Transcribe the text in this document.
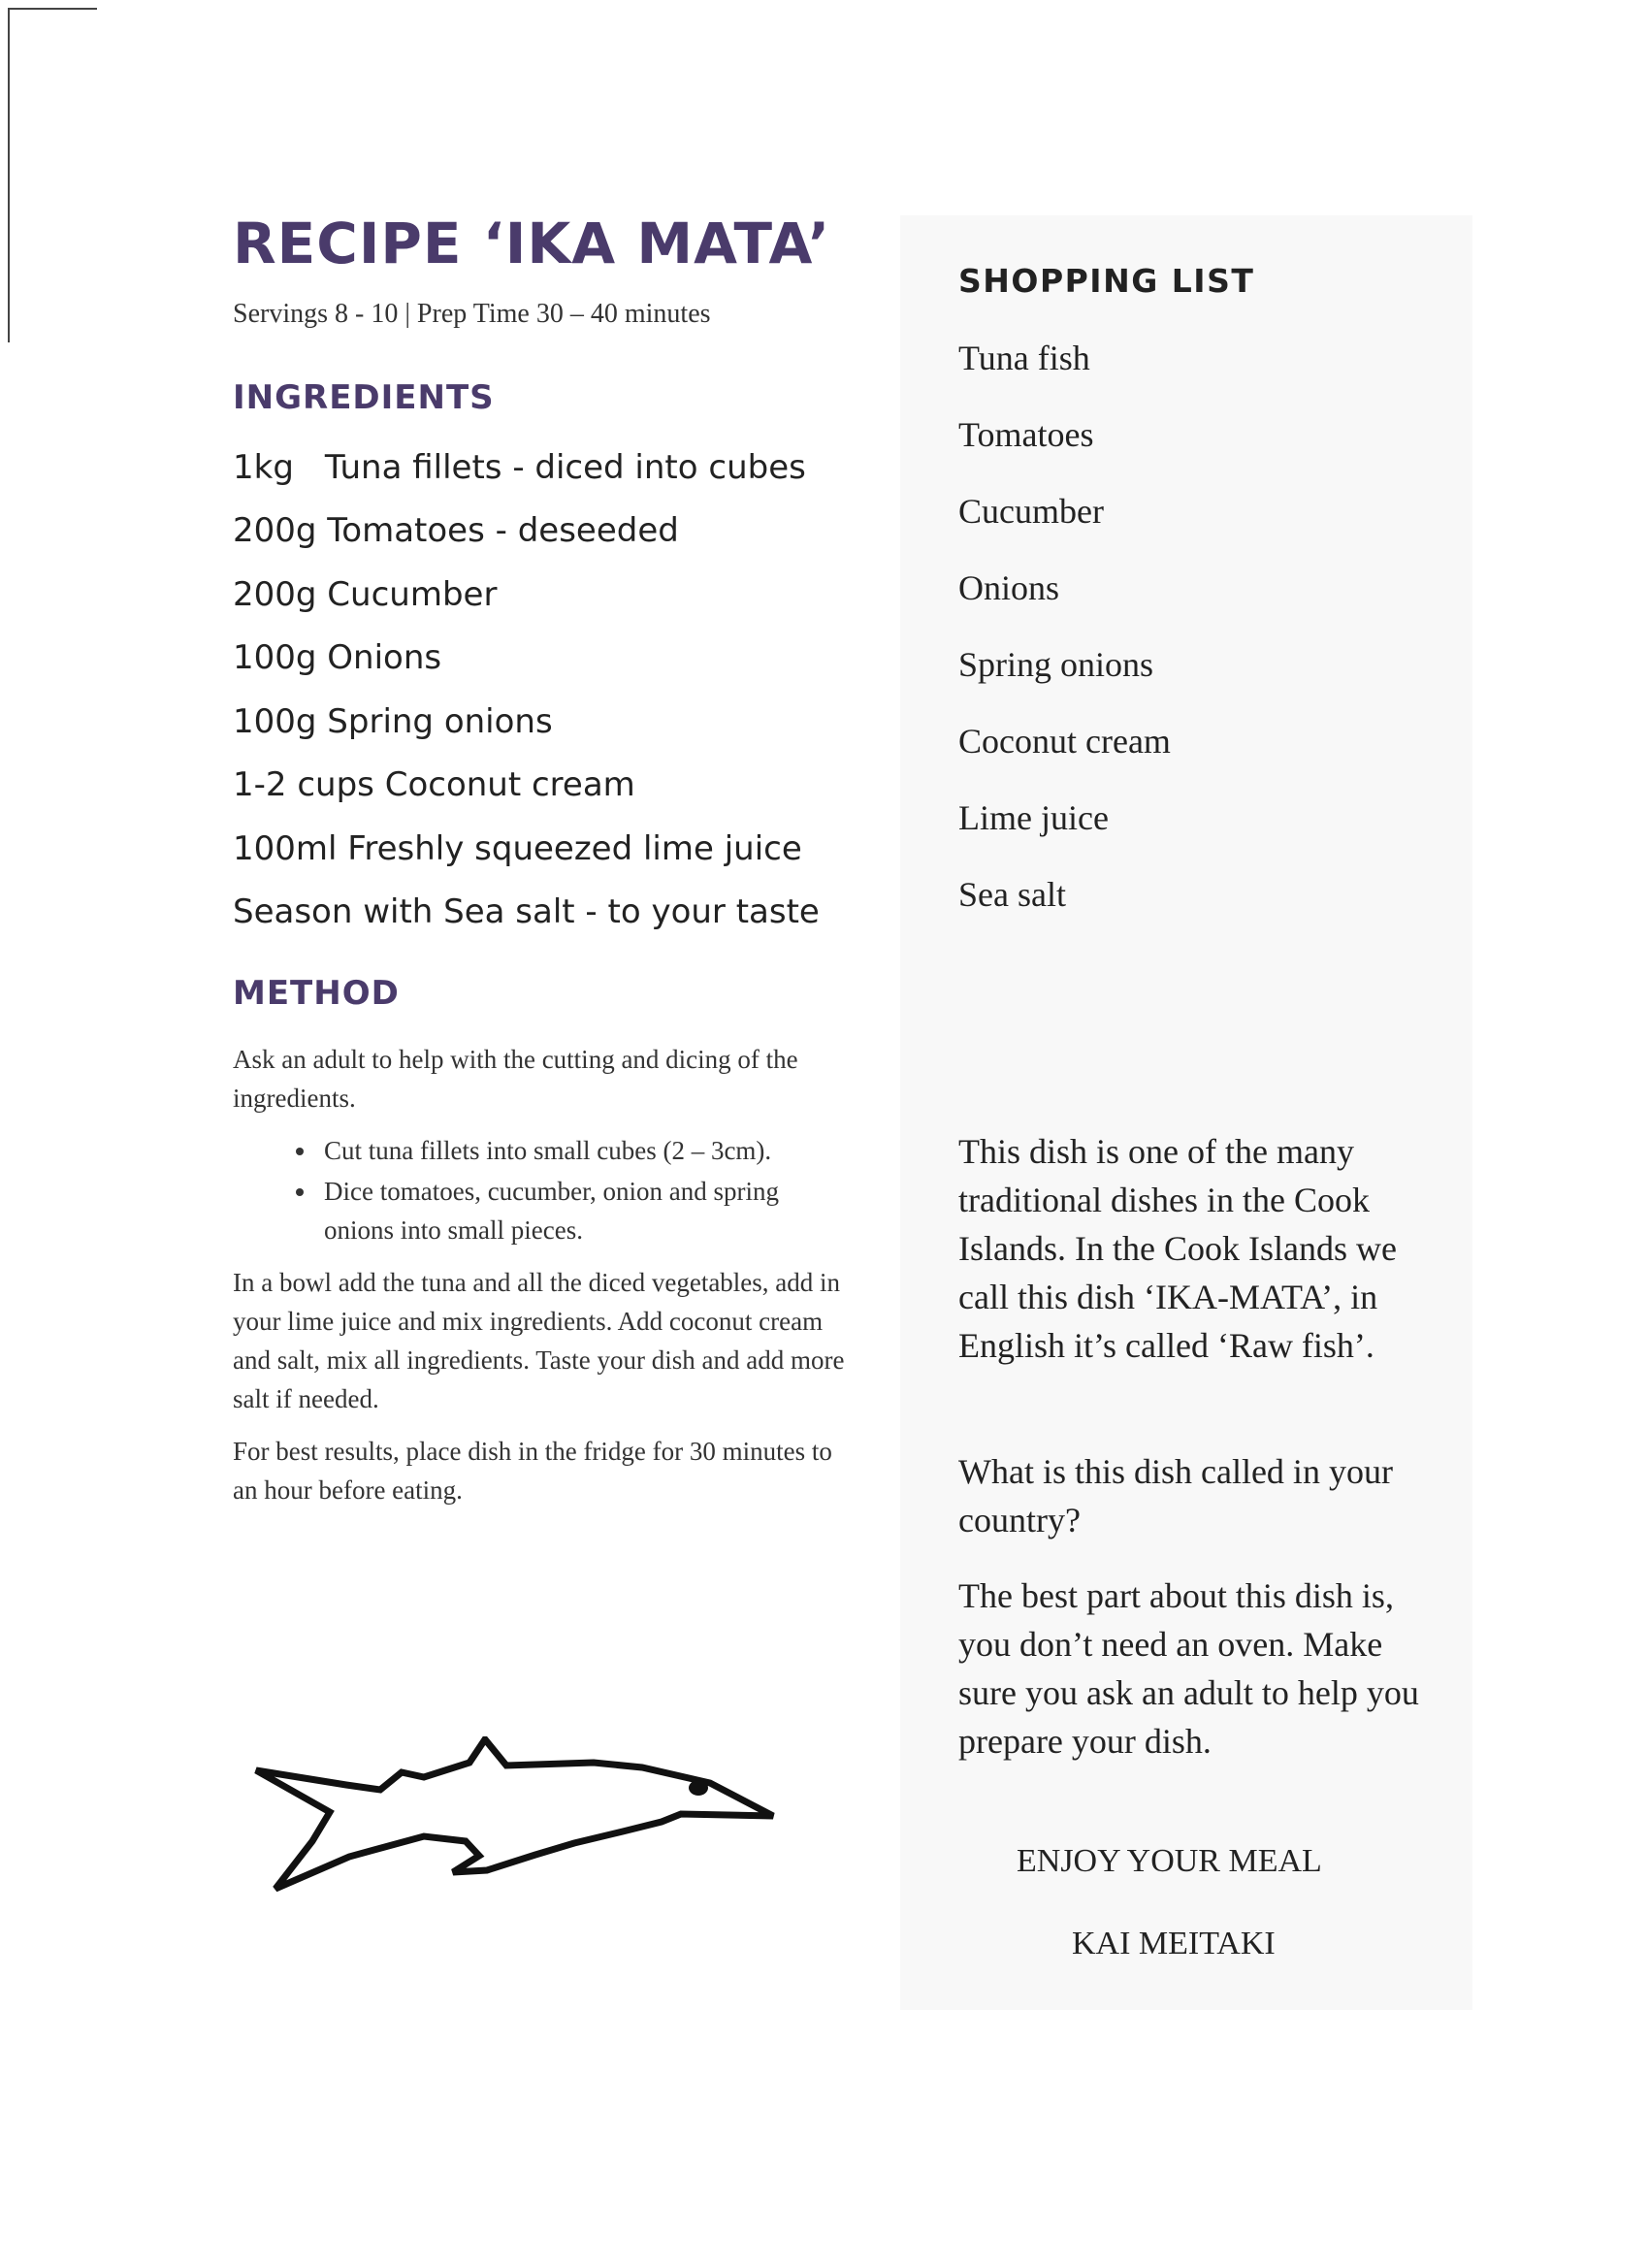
RECIPE ‘IKA MATA’
Servings 8 - 10 | Prep Time 30 – 40 minutes
INGREDIENTS
1kg Tuna fillets - diced into cubes
200g Tomatoes - deseeded
200g Cucumber
100g Onions
100g Spring onions
1-2 cups Coconut cream
100ml Freshly squeezed lime juice
Season with Sea salt - to your taste
METHOD

Ask an adult to help with the cutting and dicing of the ingredients.

• Cut tuna fillets into small cubes (2 – 3cm).
• Dice tomatoes, cucumber, onion and spring onions into small pieces.

In a bowl add the tuna and all the diced vegetables, add in your lime juice and mix ingredients. Add coconut cream and salt, mix all ingredients. Taste your dish and add more salt if needed.

For best results, place dish in the fridge for 30 minutes to an hour before eating.

SHOPPING LIST
Tuna fish
Tomatoes
Cucumber
Onions
Spring onions
Coconut cream
Lime juice
Sea salt

This dish is one of the many traditional dishes in the Cook Islands. In the Cook Islands we call this dish ‘IKA-MATA’, in English it’s called ‘Raw fish’.

What is this dish called in your country?

The best part about this dish is, you don’t need an oven. Make sure you ask an adult to help you prepare your dish.

ENJOY YOUR MEAL
KAI MEITAKI
